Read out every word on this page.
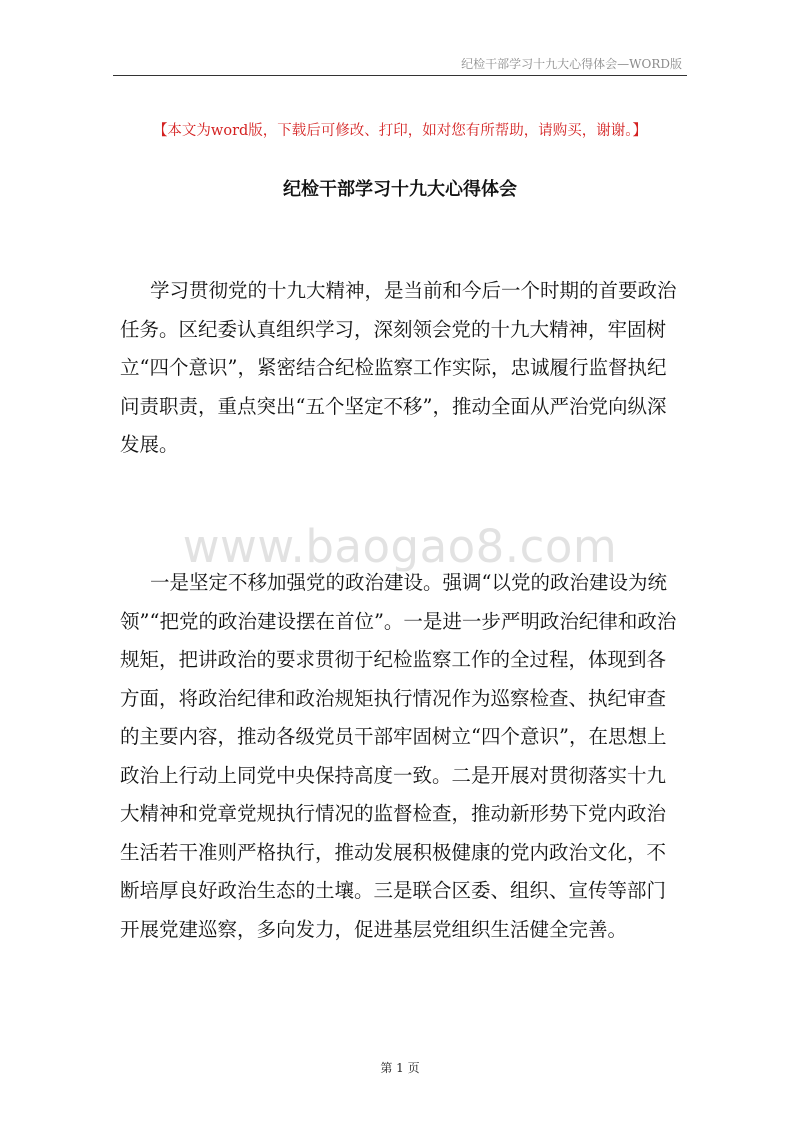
纪检干部学习十九大心得体会—WORD版
【本文为word版，下载后可修改、打印，如对您有所帮助，请购买，谢谢。】
纪检干部学习十九大心得体会

学习贯彻党的十九大精神，是当前和今后一个时期的首要政治任务。区纪委认真组织学习，深刻领会党的十九大精神，牢固树立“四个意识”，紧密结合纪检监察工作实际，忠诚履行监督执纪问责职责，重点突出“五个坚定不移”，推动全面从严治党向纵深发展。

www.baogao8.com

一是坚定不移加强党的政治建设。强调“以党的政治建设为统领”“把党的政治建设摆在首位”。一是进一步严明政治纪律和政治规矩，把讲政治的要求贯彻于纪检监察工作的全过程，体现到各方面，将政治纪律和政治规矩执行情况作为巡察检查、执纪审查的主要内容，推动各级党员干部牢固树立“四个意识”，在思想上政治上行动上同党中央保持高度一致。二是开展对贯彻落实十九大精神和党章党规执行情况的监督检查，推动新形势下党内政治生活若干准则严格执行，推动发展积极健康的党内政治文化，不断培厚良好政治生态的土壤。三是联合区委、组织、宣传等部门开展党建巡察，多向发力，促进基层党组织生活健全完善。

第 1 页
